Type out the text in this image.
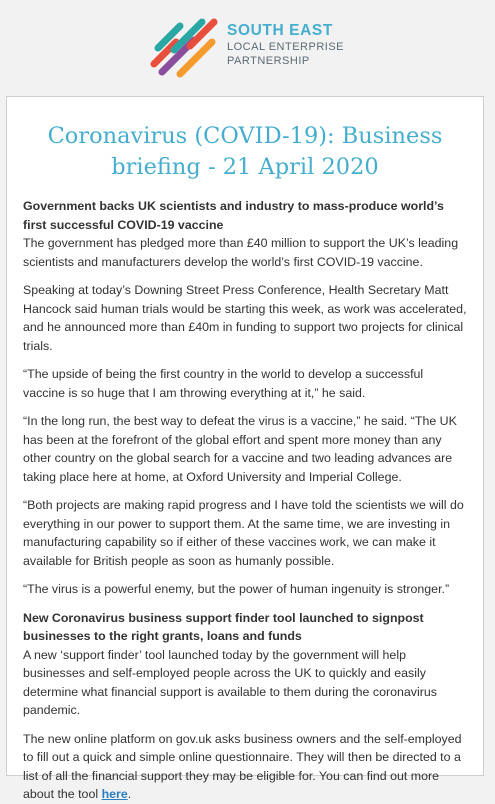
SOUTH EAST
LOCAL ENTERPRISE
PARTNERSHIP
Coronavirus (COVID-19): Business briefing - 21 April 2020
Government backs UK scientists and industry to mass-produce world’s first successful COVID-19 vaccine

The government has pledged more than £40 million to support the UK’s leading scientists and manufacturers develop the world’s first COVID-19 vaccine.

Speaking at today’s Downing Street Press Conference, Health Secretary Matt Hancock said human trials would be starting this week, as work was accelerated, and he announced more than £40m in funding to support two projects for clinical trials.

“The upside of being the first country in the world to develop a successful vaccine is so huge that I am throwing everything at it,” he said.

“In the long run, the best way to defeat the virus is a vaccine,” he said. “The UK has been at the forefront of the global effort and spent more money than any other country on the global search for a vaccine and two leading advances are taking place here at home, at Oxford University and Imperial College.

“Both projects are making rapid progress and I have told the scientists we will do everything in our power to support them. At the same time, we are investing in manufacturing capability so if either of these vaccines work, we can make it available for British people as soon as humanly possible.

“The virus is a powerful enemy, but the power of human ingenuity is stronger.”

New Coronavirus business support finder tool launched to signpost businesses to the right grants, loans and funds

A new ‘support finder’ tool launched today by the government will help businesses and self-employed people across the UK to quickly and easily determine what financial support is available to them during the coronavirus pandemic.

The new online platform on gov.uk asks business owners and the self-employed to fill out a quick and simple online questionnaire. They will then be directed to a list of all the financial support they may be eligible for. You can find out more about the tool here.
